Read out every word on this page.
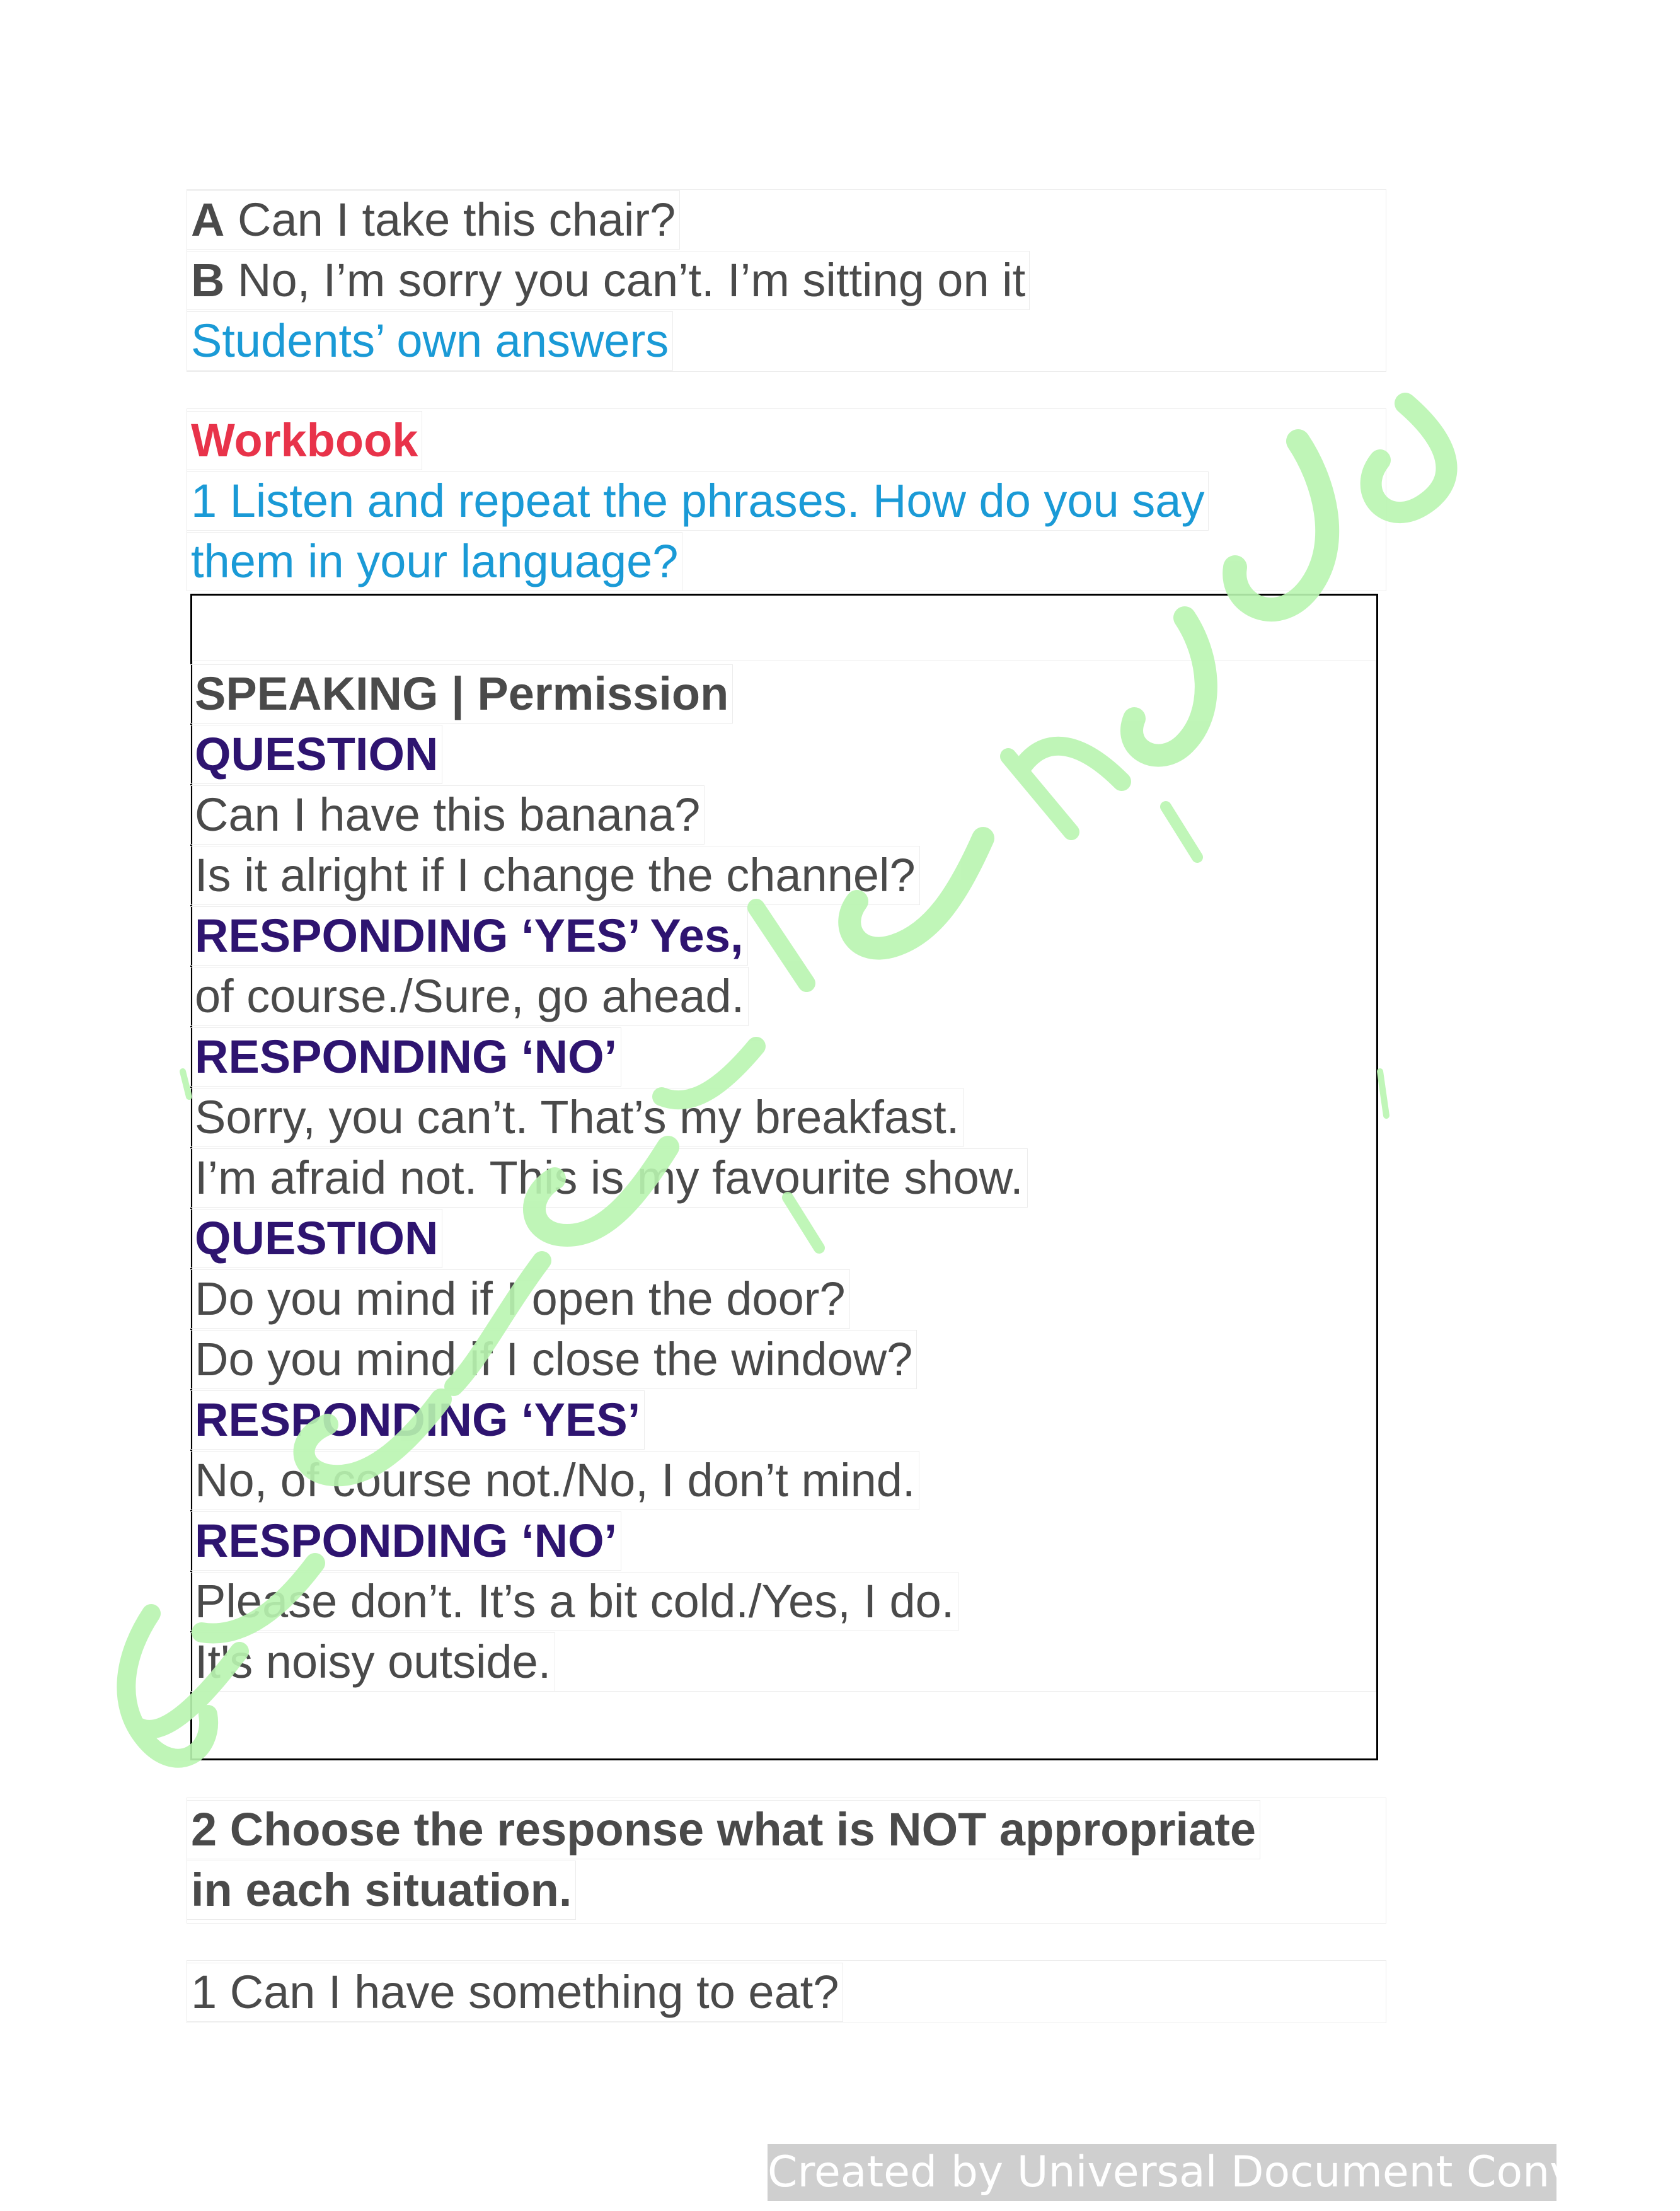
A Can I take this chair?
B No, I’m sorry you can’t. I’m sitting on it
Students’ own answers
Workbook
1 Listen and repeat the phrases. How do you say
them in your language?
SPEAKING | Permission
QUESTION
Can I have this banana?
Is it alright if I change the channel?
RESPONDING ‘YES’ Yes,
of course./Sure, go ahead.
RESPONDING ‘NO’
Sorry, you can’t. That’s my breakfast.
I’m afraid not. This is my favourite show.
QUESTION
Do you mind if I open the door?
Do you mind if I close the window?
RESPONDING ‘YES’
No, of course not./No, I don’t mind.
RESPONDING ‘NO’
Please don’t. It’s a bit cold./Yes, I do.
It's noisy outside.
2 Choose the response what is NOT appropriate
in each situation.
1 Can I have something to eat?
Created by Universal Document Converter
